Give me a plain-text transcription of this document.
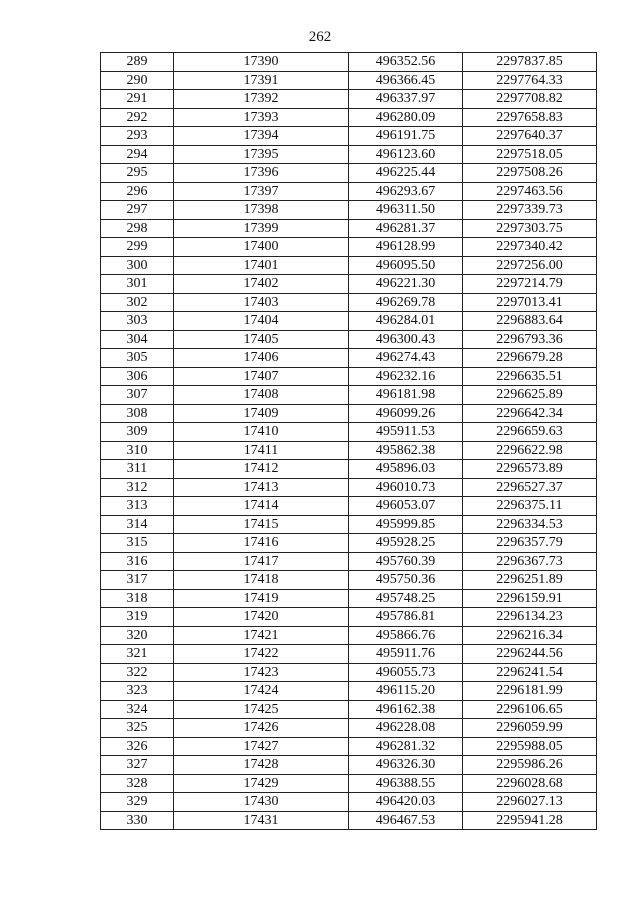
262
289	17390	496352.56	2297837.85
290	17391	496366.45	2297764.33
291	17392	496337.97	2297708.82
292	17393	496280.09	2297658.83
293	17394	496191.75	2297640.37
294	17395	496123.60	2297518.05
295	17396	496225.44	2297508.26
296	17397	496293.67	2297463.56
297	17398	496311.50	2297339.73
298	17399	496281.37	2297303.75
299	17400	496128.99	2297340.42
300	17401	496095.50	2297256.00
301	17402	496221.30	2297214.79
302	17403	496269.78	2297013.41
303	17404	496284.01	2296883.64
304	17405	496300.43	2296793.36
305	17406	496274.43	2296679.28
306	17407	496232.16	2296635.51
307	17408	496181.98	2296625.89
308	17409	496099.26	2296642.34
309	17410	495911.53	2296659.63
310	17411	495862.38	2296622.98
311	17412	495896.03	2296573.89
312	17413	496010.73	2296527.37
313	17414	496053.07	2296375.11
314	17415	495999.85	2296334.53
315	17416	495928.25	2296357.79
316	17417	495760.39	2296367.73
317	17418	495750.36	2296251.89
318	17419	495748.25	2296159.91
319	17420	495786.81	2296134.23
320	17421	495866.76	2296216.34
321	17422	495911.76	2296244.56
322	17423	496055.73	2296241.54
323	17424	496115.20	2296181.99
324	17425	496162.38	2296106.65
325	17426	496228.08	2296059.99
326	17427	496281.32	2295988.05
327	17428	496326.30	2295986.26
328	17429	496388.55	2296028.68
329	17430	496420.03	2296027.13
330	17431	496467.53	2295941.28
